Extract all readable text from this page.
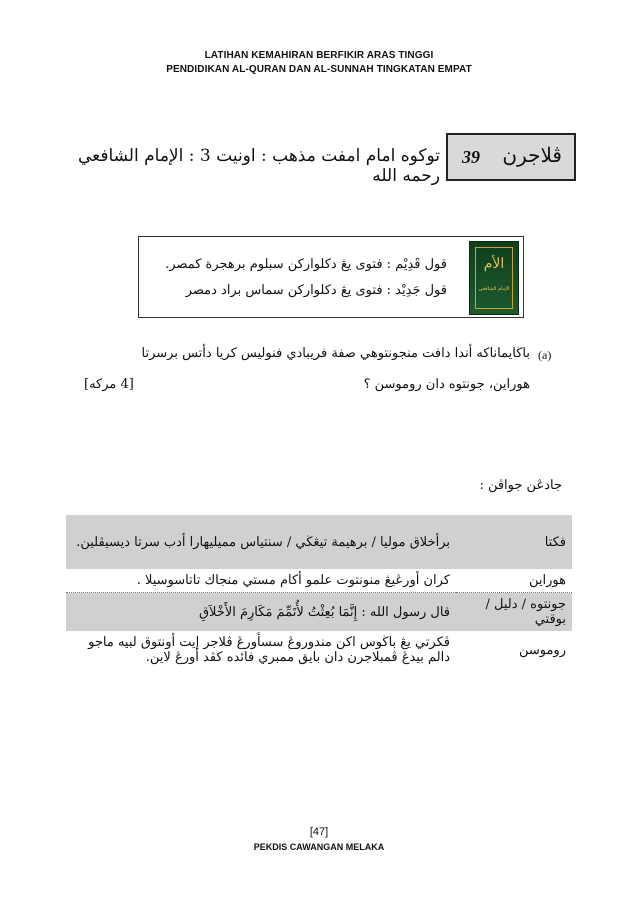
LATIHAN KEMAHIRAN BERFIKIR ARAS TINGGI
PENDIDIKAN AL-QURAN DAN AL-SUNNAH TINGKATAN EMPAT
ڤلاجرن
39
توكوه امام امفت مذهب : اونيت 3 : الإمام الشافعي رحمه الله
الأم
الإمام الشافعي
قول قَدِيْم : فتوى يڠ دكلواركن سبلوم برهجرة كمصر.
قول جَدِيْد : فتوى يڠ دكلواركن سماس براد دمصر
(a)
باڬايماناكه أندا دافت منجونتوهي صفة فريبادي فنوليس كريا دأتس برسرتا
هوراين، جونتوه دان روموسن ؟
[4 مركه]
جادڠن جواڤن :
فکتا	برأخلاق موليا / برهيمة تيڠڬي / سنتياس مميليهارا أدب سرتا ديسيڤلين.
هوراين	كران أورڠيڠ منونتوت علمو أكام مستي منجاك تاتاسوسيلا .
جونتوه / دليل / بوقتي	قال رسول الله : إِنَّمَا بُعِثْتُ لأُتَمِّمَ مَكَارِمَ الأَخْلاَقِ
روموسن	ڤكرتي يڠ باڬوس اكن مندوروڠ سسأورڠ ڤلاجر إيت أونتوق لبيه ماجو دالم بيدڠ ڤمبلاجرن دان بايق ممبري فائده كڤد أورڠ لاين.
[47]
PEKDIS CAWANGAN MELAKA
